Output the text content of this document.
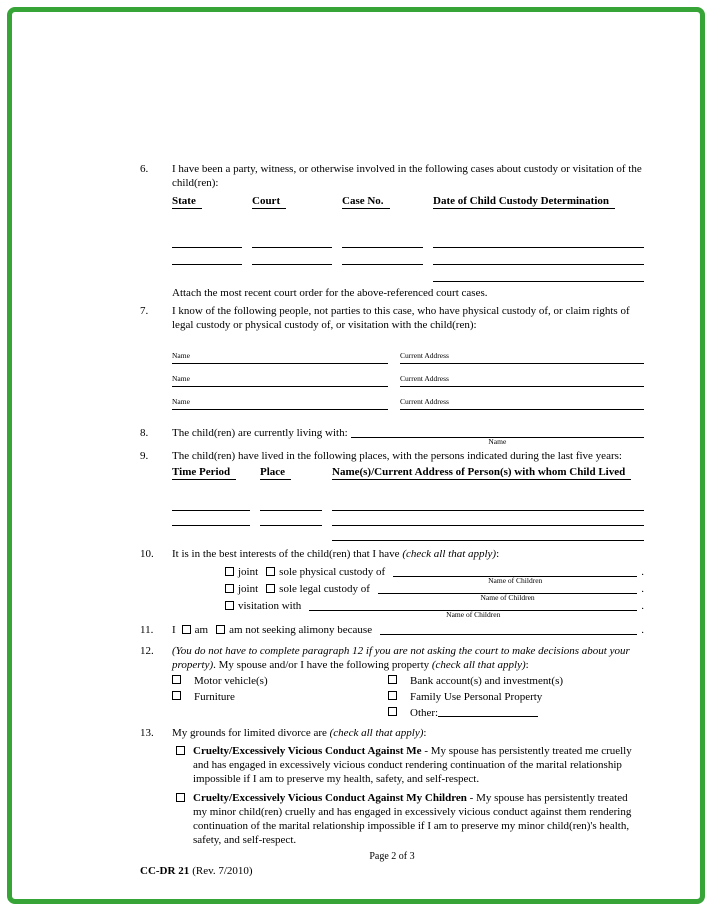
6.	I have been a party, witness, or otherwise involved in the following cases about custody or visitation of the child(ren):

State	Court	Case No.	Date of Child Custody Determination

Attach the most recent court order for the above-referenced court cases.

7.	I know of the following people, not parties to this case, who have physical custody of, or claim rights of legal custody or physical custody of, or visitation with the child(ren):

Name	Current Address
Name	Current Address
Name	Current Address
8.	The child(ren) are currently living with:
Name
9.	The child(ren) have lived in the following places, with the persons indicated during the last five years:

Time Period	Place	Name(s)/Current Address of Person(s) with whom Child Lived
10.	It is in the best interests of the child(ren) that I have (check all that apply):

joint sole physical custody of
Name of Children
.
joint sole legal custody of
Name of Children
.
visitation with
Name of Children
.
11.	I am am not seeking alimony because	.
12.	(You do not have to complete paragraph 12 if you are not asking the court to make decisions about your property). My spouse and/or I have the following property (check all that apply):

Motor vehicle(s)
Furniture
Bank account(s) and investment(s)
Family Use Personal Property
Other:
13.	My grounds for limited divorce are (check all that apply):

Cruelty/Excessively Vicious Conduct Against Me - My spouse has persistently treated me cruelly and has engaged in excessively vicious conduct rendering continuation of the marital relationship impossible if I am to preserve my health, safety, and self-respect.

Cruelty/Excessively Vicious Conduct Against My Children - My spouse has persistently treated my minor child(ren) cruelly and has engaged in excessively vicious conduct against them rendering continuation of the marital relationship impossible if I am to preserve my minor child(ren)'s health, safety, and self-respect.

Page 2 of 3
CC-DR 21 (Rev. 7/2010)
